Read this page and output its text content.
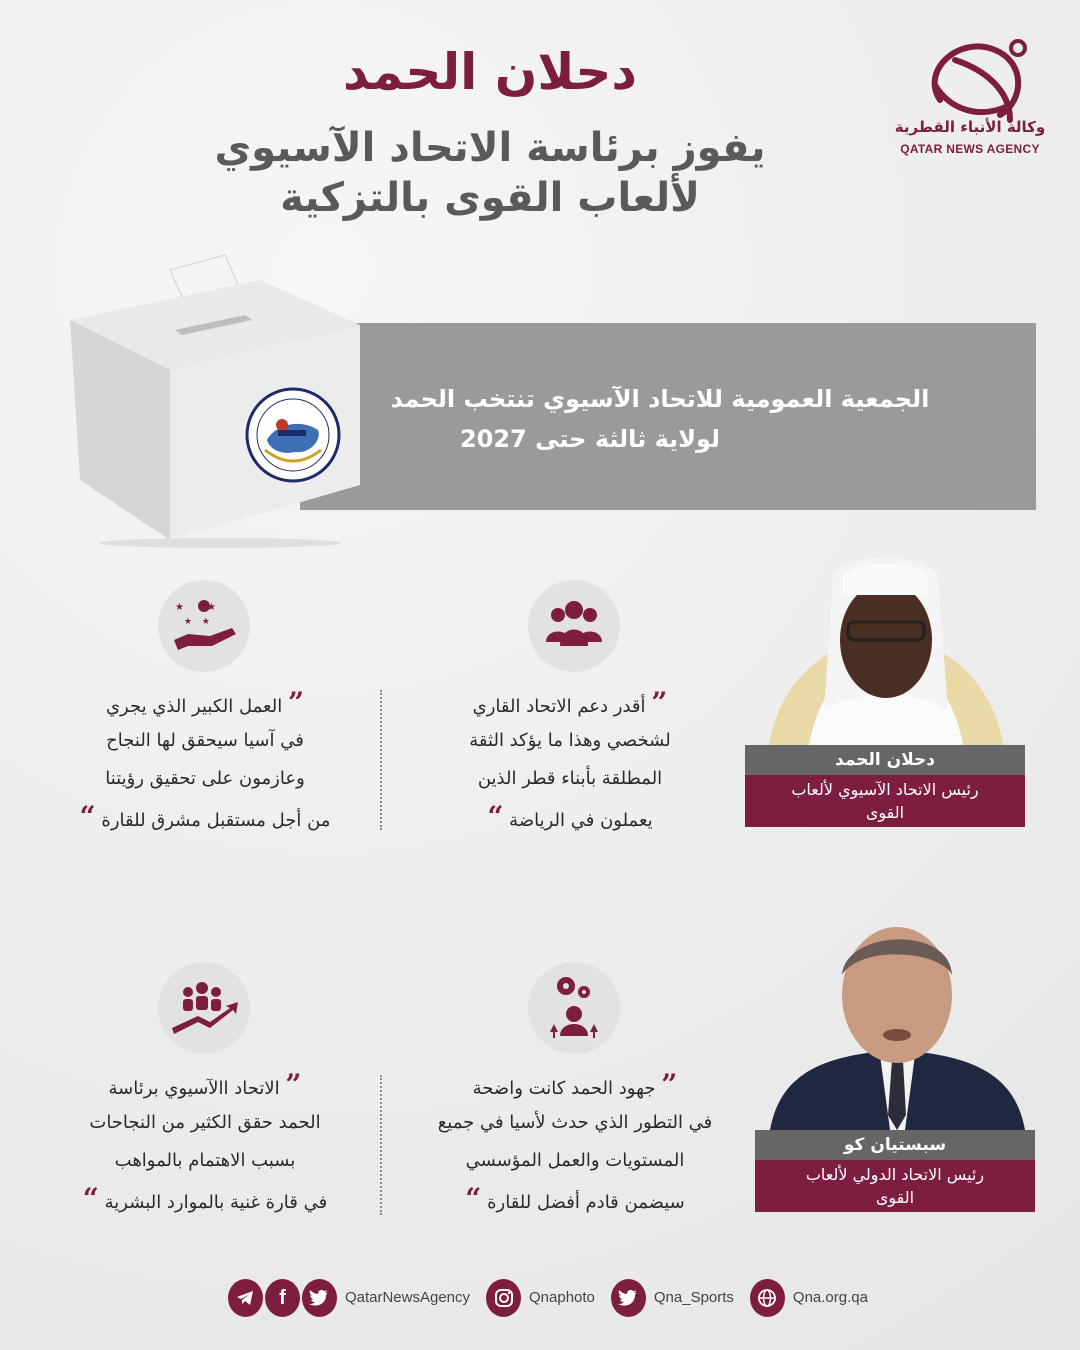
دحلان الحمد
يفوز برئاسة الاتحاد الآسيوي
لألعاب القوى بالتزكية
وكالة الأنباء القطرية
QATAR NEWS AGENCY
الجمعية العمومية للاتحاد الآسيوي تنتخب الحمد
لولاية ثالثة حتى 2027
دحلان الحمد
رئيس الاتحاد الآسيوي لألعاب
القوى
سبستيان كو
رئيس الاتحاد الدولي لألعاب
القوى
★ ★
★ ★
” أقدر دعم الاتحاد القاري
لشخصي وهذا ما يؤكد الثقة
المطلقة بأبناء قطر الذين
يعملون في الرياضة “
” العمل الكبير الذي يجري
في آسيا سيحقق لها النجاح
وعازمون على تحقيق رؤيتنا
من أجل مستقبل مشرق للقارة “
” جهود الحمد كانت واضحة
في التطور الذي حدث لأسيا في جميع
المستويات والعمل المؤسسي
سيضمن قادم أفضل للقارة “
” الاتحاد االآسيوي برئاسة
الحمد حقق الكثير من النجاحات
بسبب الاهتمام بالمواهب
في قارة غنية بالموارد البشرية “
f	QatarNewsAgency	Qnaphoto	Qna_Sports	Qna.org.qa
